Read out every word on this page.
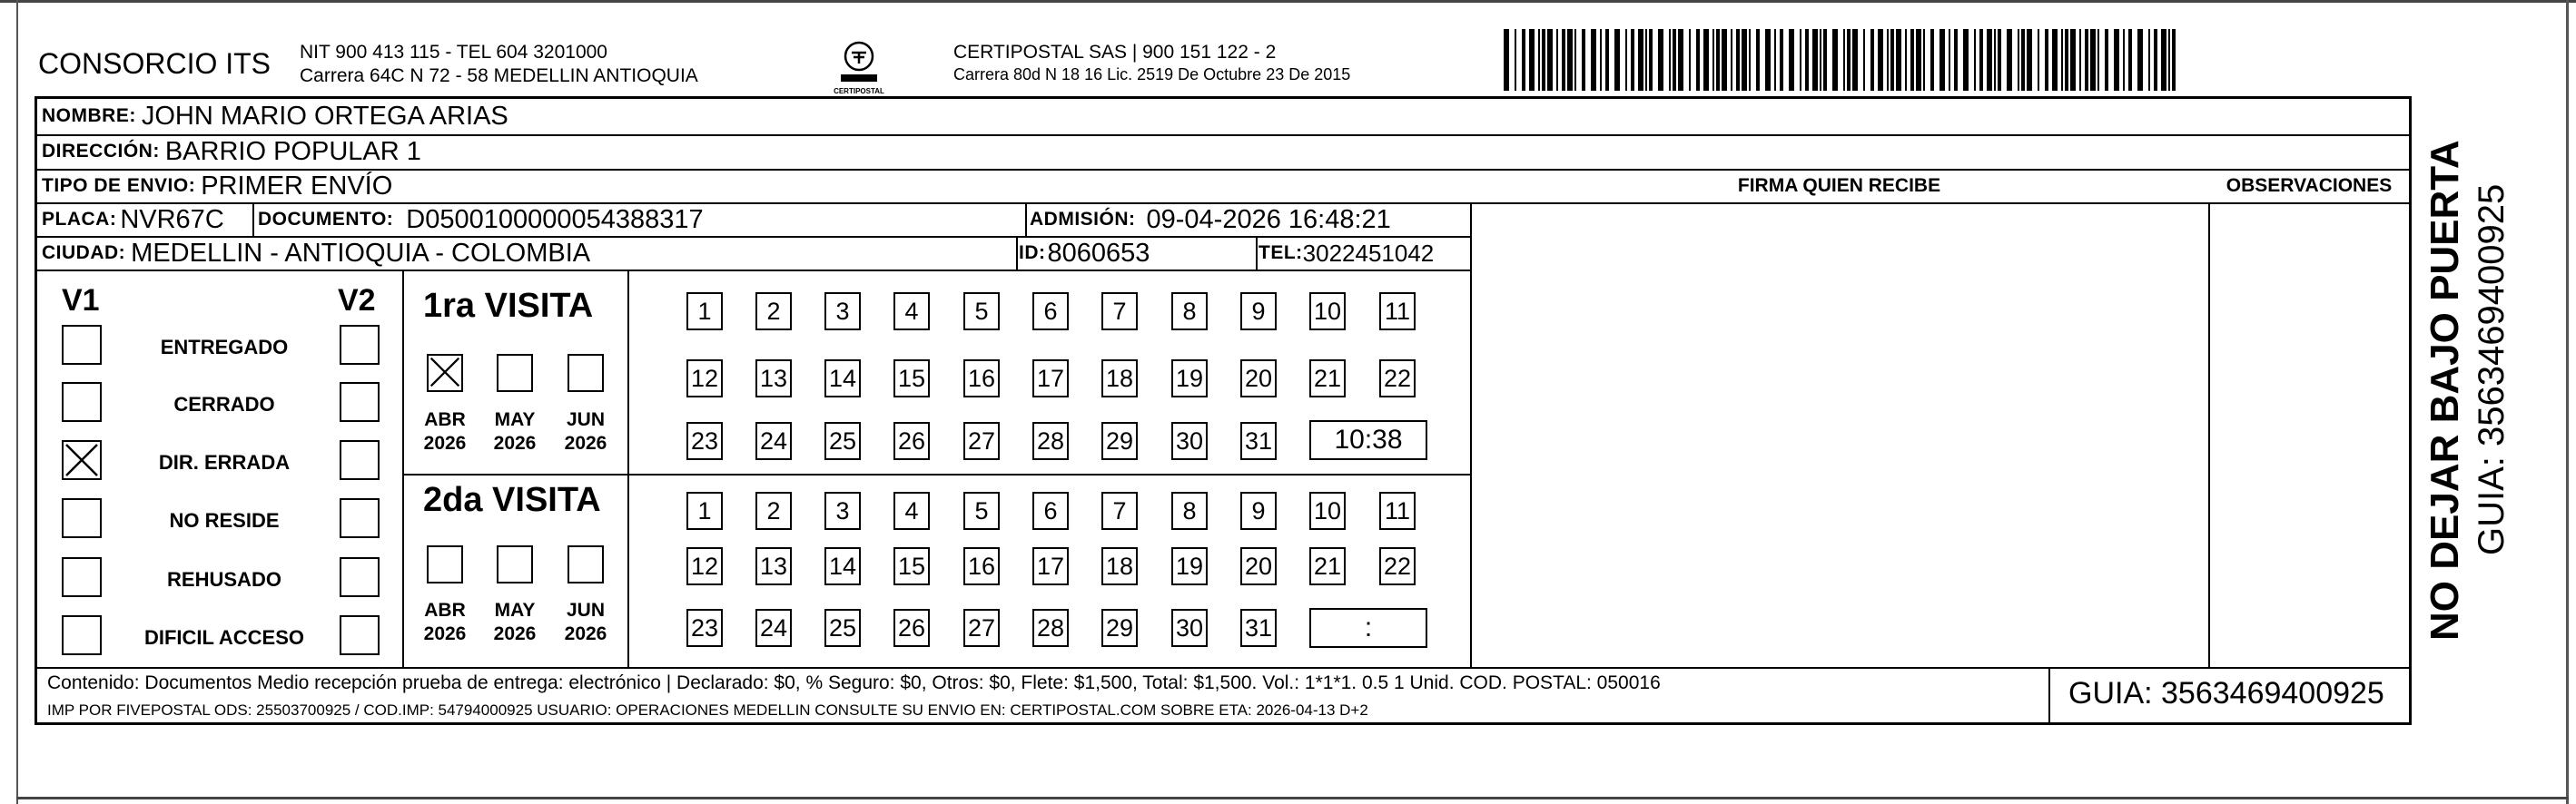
CONSORCIO ITS NIT 900 413 115 - TEL 604 3201000
Carrera 64C N 72 - 58 MEDELLIN ANTIOQUIA
CERTIPOSTAL
CERTIPOSTAL SAS | 900 151 122 - 2
Carrera 80d N 18 16 Lic. 2519 De Octubre 23 De 2015
NOMBRE: JOHN MARIO ORTEGA ARIAS
DIRECCIÓN: BARRIO POPULAR 1
TIPO DE ENVIO: PRIMER ENVÍO	FIRMA QUIEN RECIBE	OBSERVACIONES
PLACA: NVR67C DOCUMENTO: D0500100000054388317	ADMISIÓN: 09-04-2026 16:48:21
CIUDAD: MEDELLIN - ANTIOQUIA - COLOMBIA	ID: 8060653	TEL: 3022451042
V1	V2
ENTREGADO
CERRADO
DIR. ERRADA
NO RESIDE
REHUSADO
DIFICIL ACCESO
1ra VISITA
2da VISITA
ABR
2026
MAY
2026
JUN
2026
1	2	3	4	5	6	7	8	9	10 11
12 13 14 15 16 17 18 19 20 21 22
23 24 25 26 27 28 29 30 31	10:38
ABR
2026
MAY
2026
JUN
2026
1	2	3	4	5	6	7	8	9	10 11
12 13 14 15 16 17 18 19 20 21 22
23 24 25 26 27 28 29 30 31	:
Contenido: Documentos Medio recepción prueba de entrega: electrónico | Declarado: $0, % Seguro: $0, Otros: $0, Flete: $1,500, Total: $1,500. Vol.: 1*1*1. 0.5 1 Unid. COD. POSTAL: 050016
IMP POR FIVEPOSTAL ODS: 25503700925 / COD.IMP: 54794000925 USUARIO: OPERACIONES MEDELLIN CONSULTE SU ENVIO EN: CERTIPOSTAL.COM SOBRE ETA: 2026-04-13 D+2	GUIA: 3563469400925
NO DEJAR BAJO PUERTA GUIA: 3563469400925
